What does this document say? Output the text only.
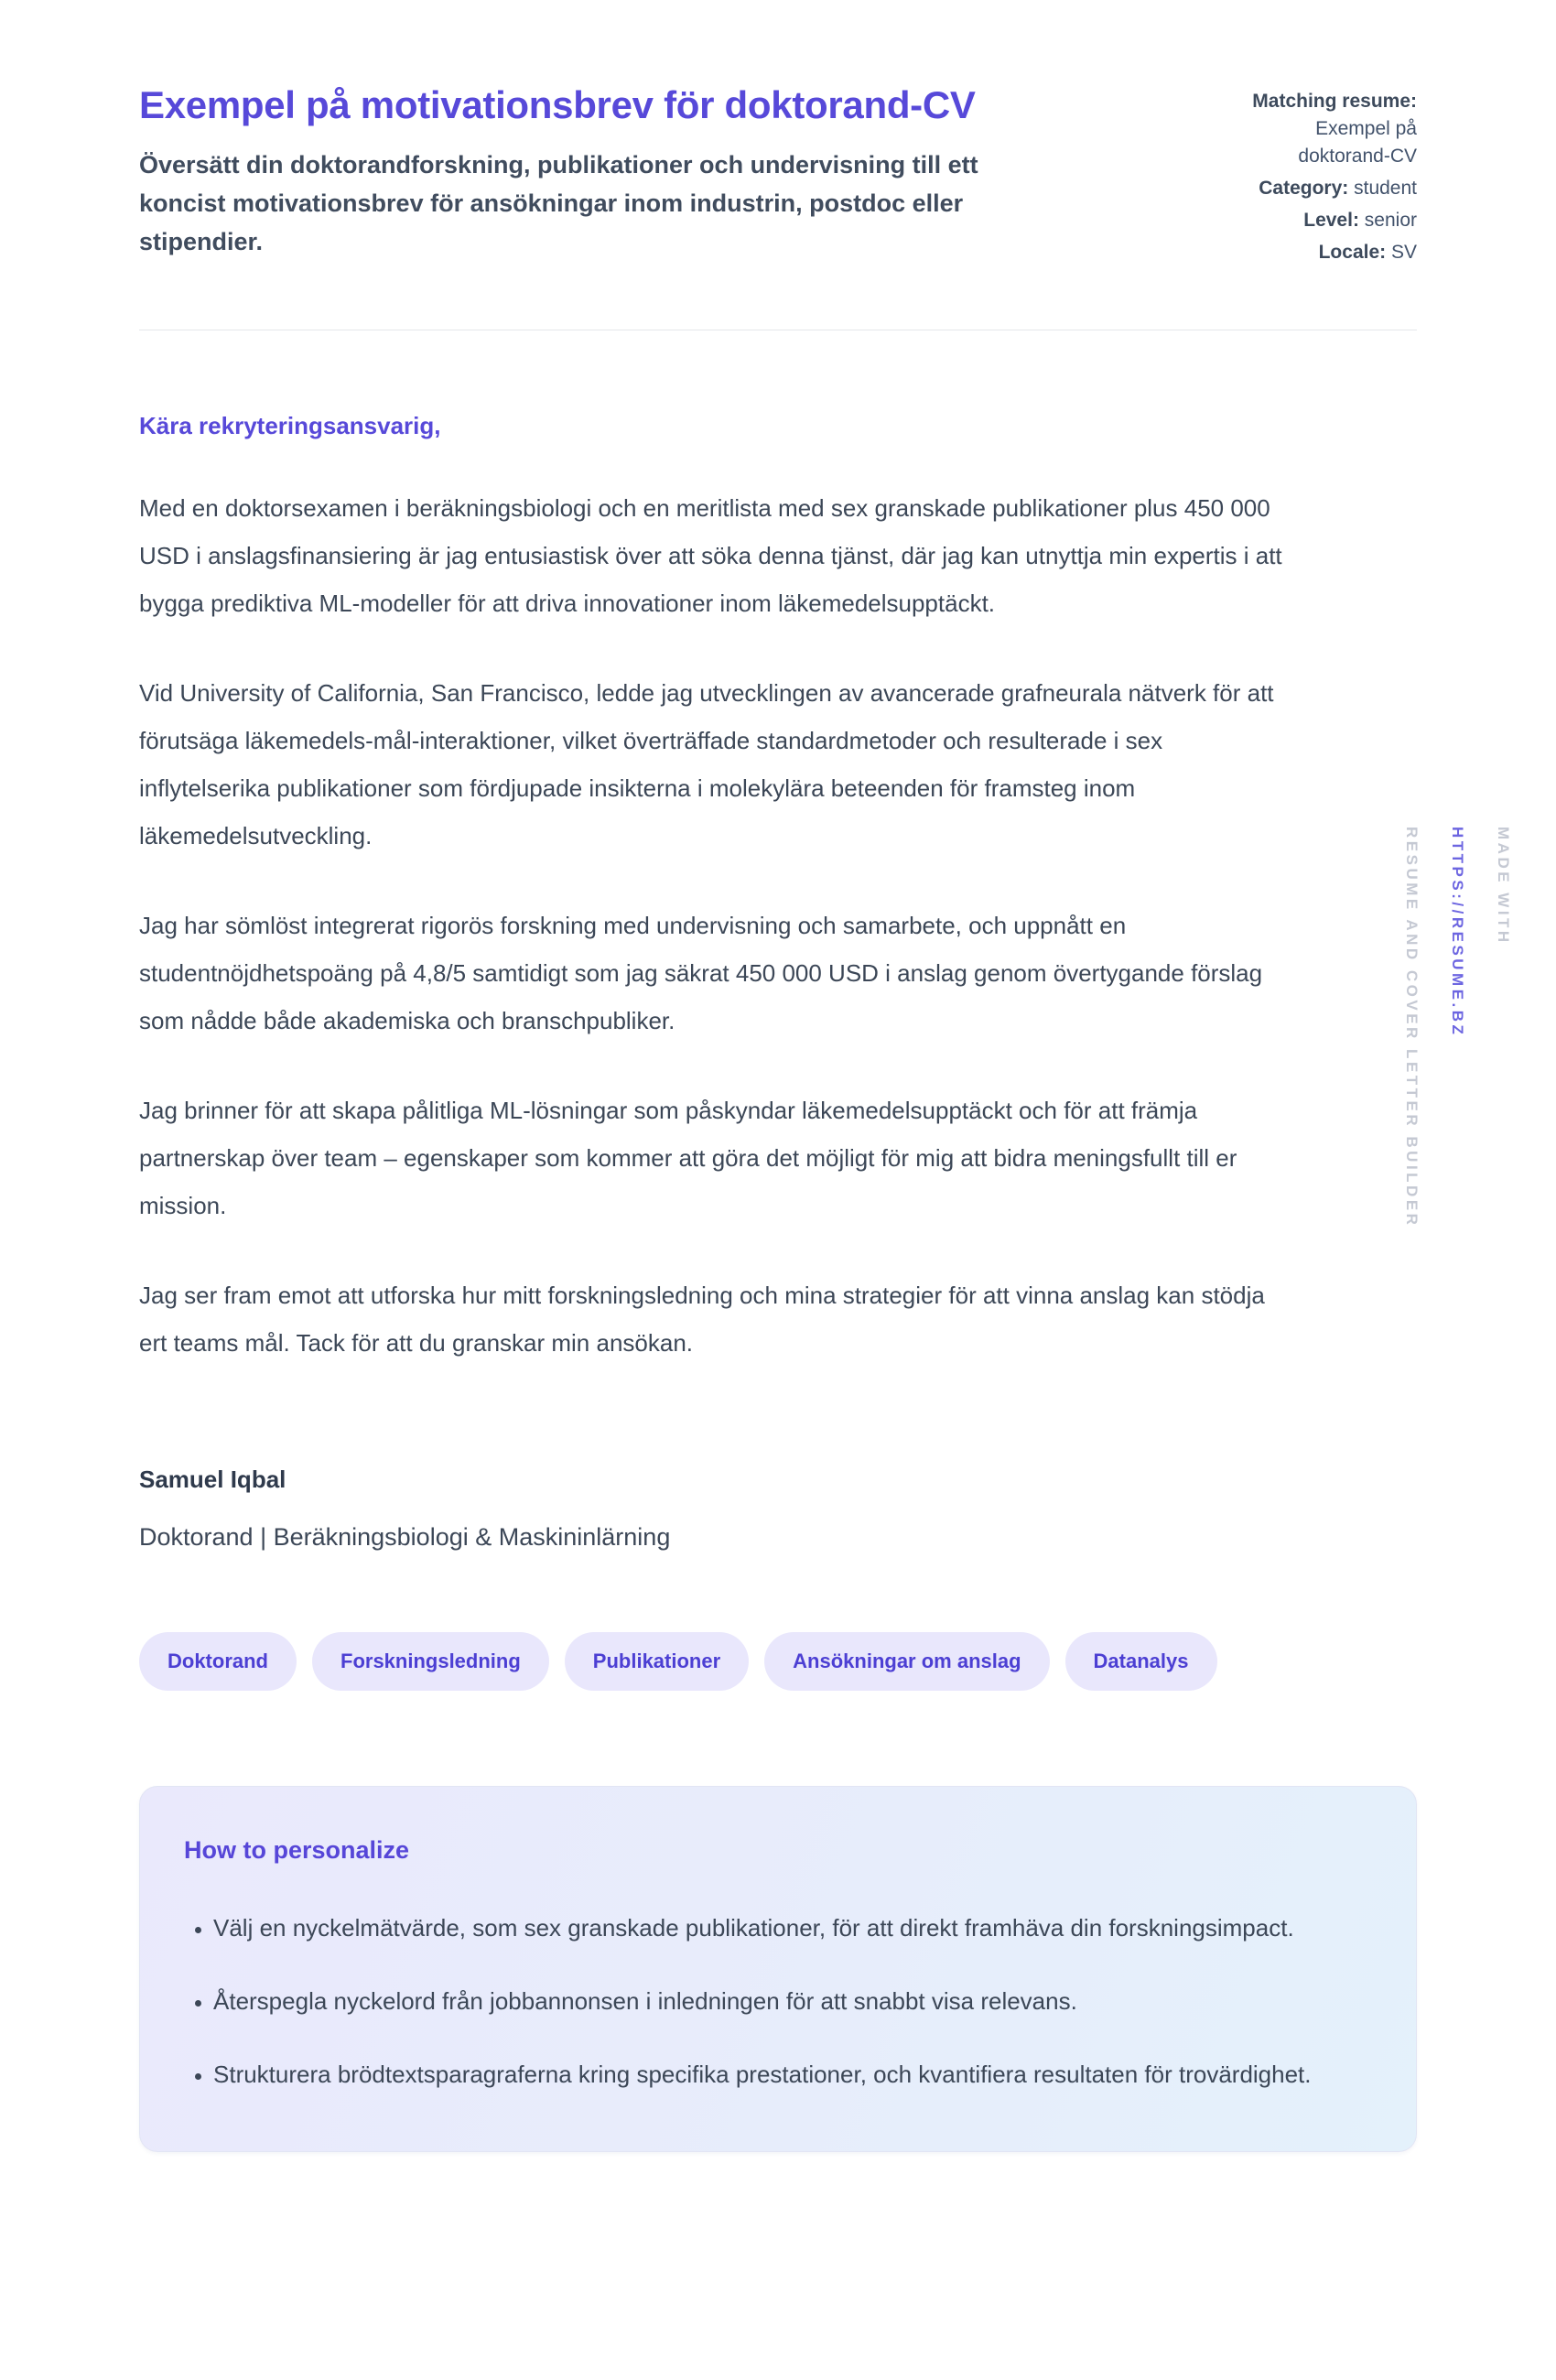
MADE WITH
HTTPS://RESUME.BZ
RESUME AND COVER LETTER BUILDER
Exempel på motivationsbrev för doktorand-CV

Översätt din doktorandforskning, publikationer och undervisning till ett koncist motivationsbrev för ansökningar inom industrin, postdoc eller stipendier.

Matching resume:
Exempel på doktorand-CV
Category: student
Level: senior
Locale: SV

Kära rekryteringsansvarig,

Med en doktorsexamen i beräkningsbiologi och en meritlista med sex granskade publikationer plus 450 000 USD i anslagsfinansiering är jag entusiastisk över att söka denna tjänst, där jag kan utnyttja min expertis i att bygga prediktiva ML-modeller för att driva innovationer inom läkemedelsupptäckt.

Vid University of California, San Francisco, ledde jag utvecklingen av avancerade grafneurala nätverk för att förutsäga läkemedels-mål-interaktioner, vilket överträffade standardmetoder och resulterade i sex inflytelserika publikationer som fördjupade insikterna i molekylära beteenden för framsteg inom läkemedelsutveckling.

Jag har sömlöst integrerat rigorös forskning med undervisning och samarbete, och uppnått en studentnöjdhetspoäng på 4,8/5 samtidigt som jag säkrat 450 000 USD i anslag genom övertygande förslag som nådde både akademiska och branschpubliker.

Jag brinner för att skapa pålitliga ML-lösningar som påskyndar läkemedelsupptäckt och för att främja partnerskap över team – egenskaper som kommer att göra det möjligt för mig att bidra meningsfullt till er mission.

Jag ser fram emot att utforska hur mitt forskningsledning och mina strategier för att vinna anslag kan stödja ert teams mål. Tack för att du granskar min ansökan.

Samuel Iqbal

Doktorand | Beräkningsbiologi & Maskininlärning

Doktorand	Forskningsledning	Publikationer	Ansökningar om anslag	Datanalys
How to personalize
• Välj en nyckelmätvärde, som sex granskade publikationer, för att direkt framhäva din forskningsimpact.
• Återspegla nyckelord från jobbannonsen i inledningen för att snabbt visa relevans.
• Strukturera brödtextsparagraferna kring specifika prestationer, och kvantifiera resultaten för trovärdighet.
